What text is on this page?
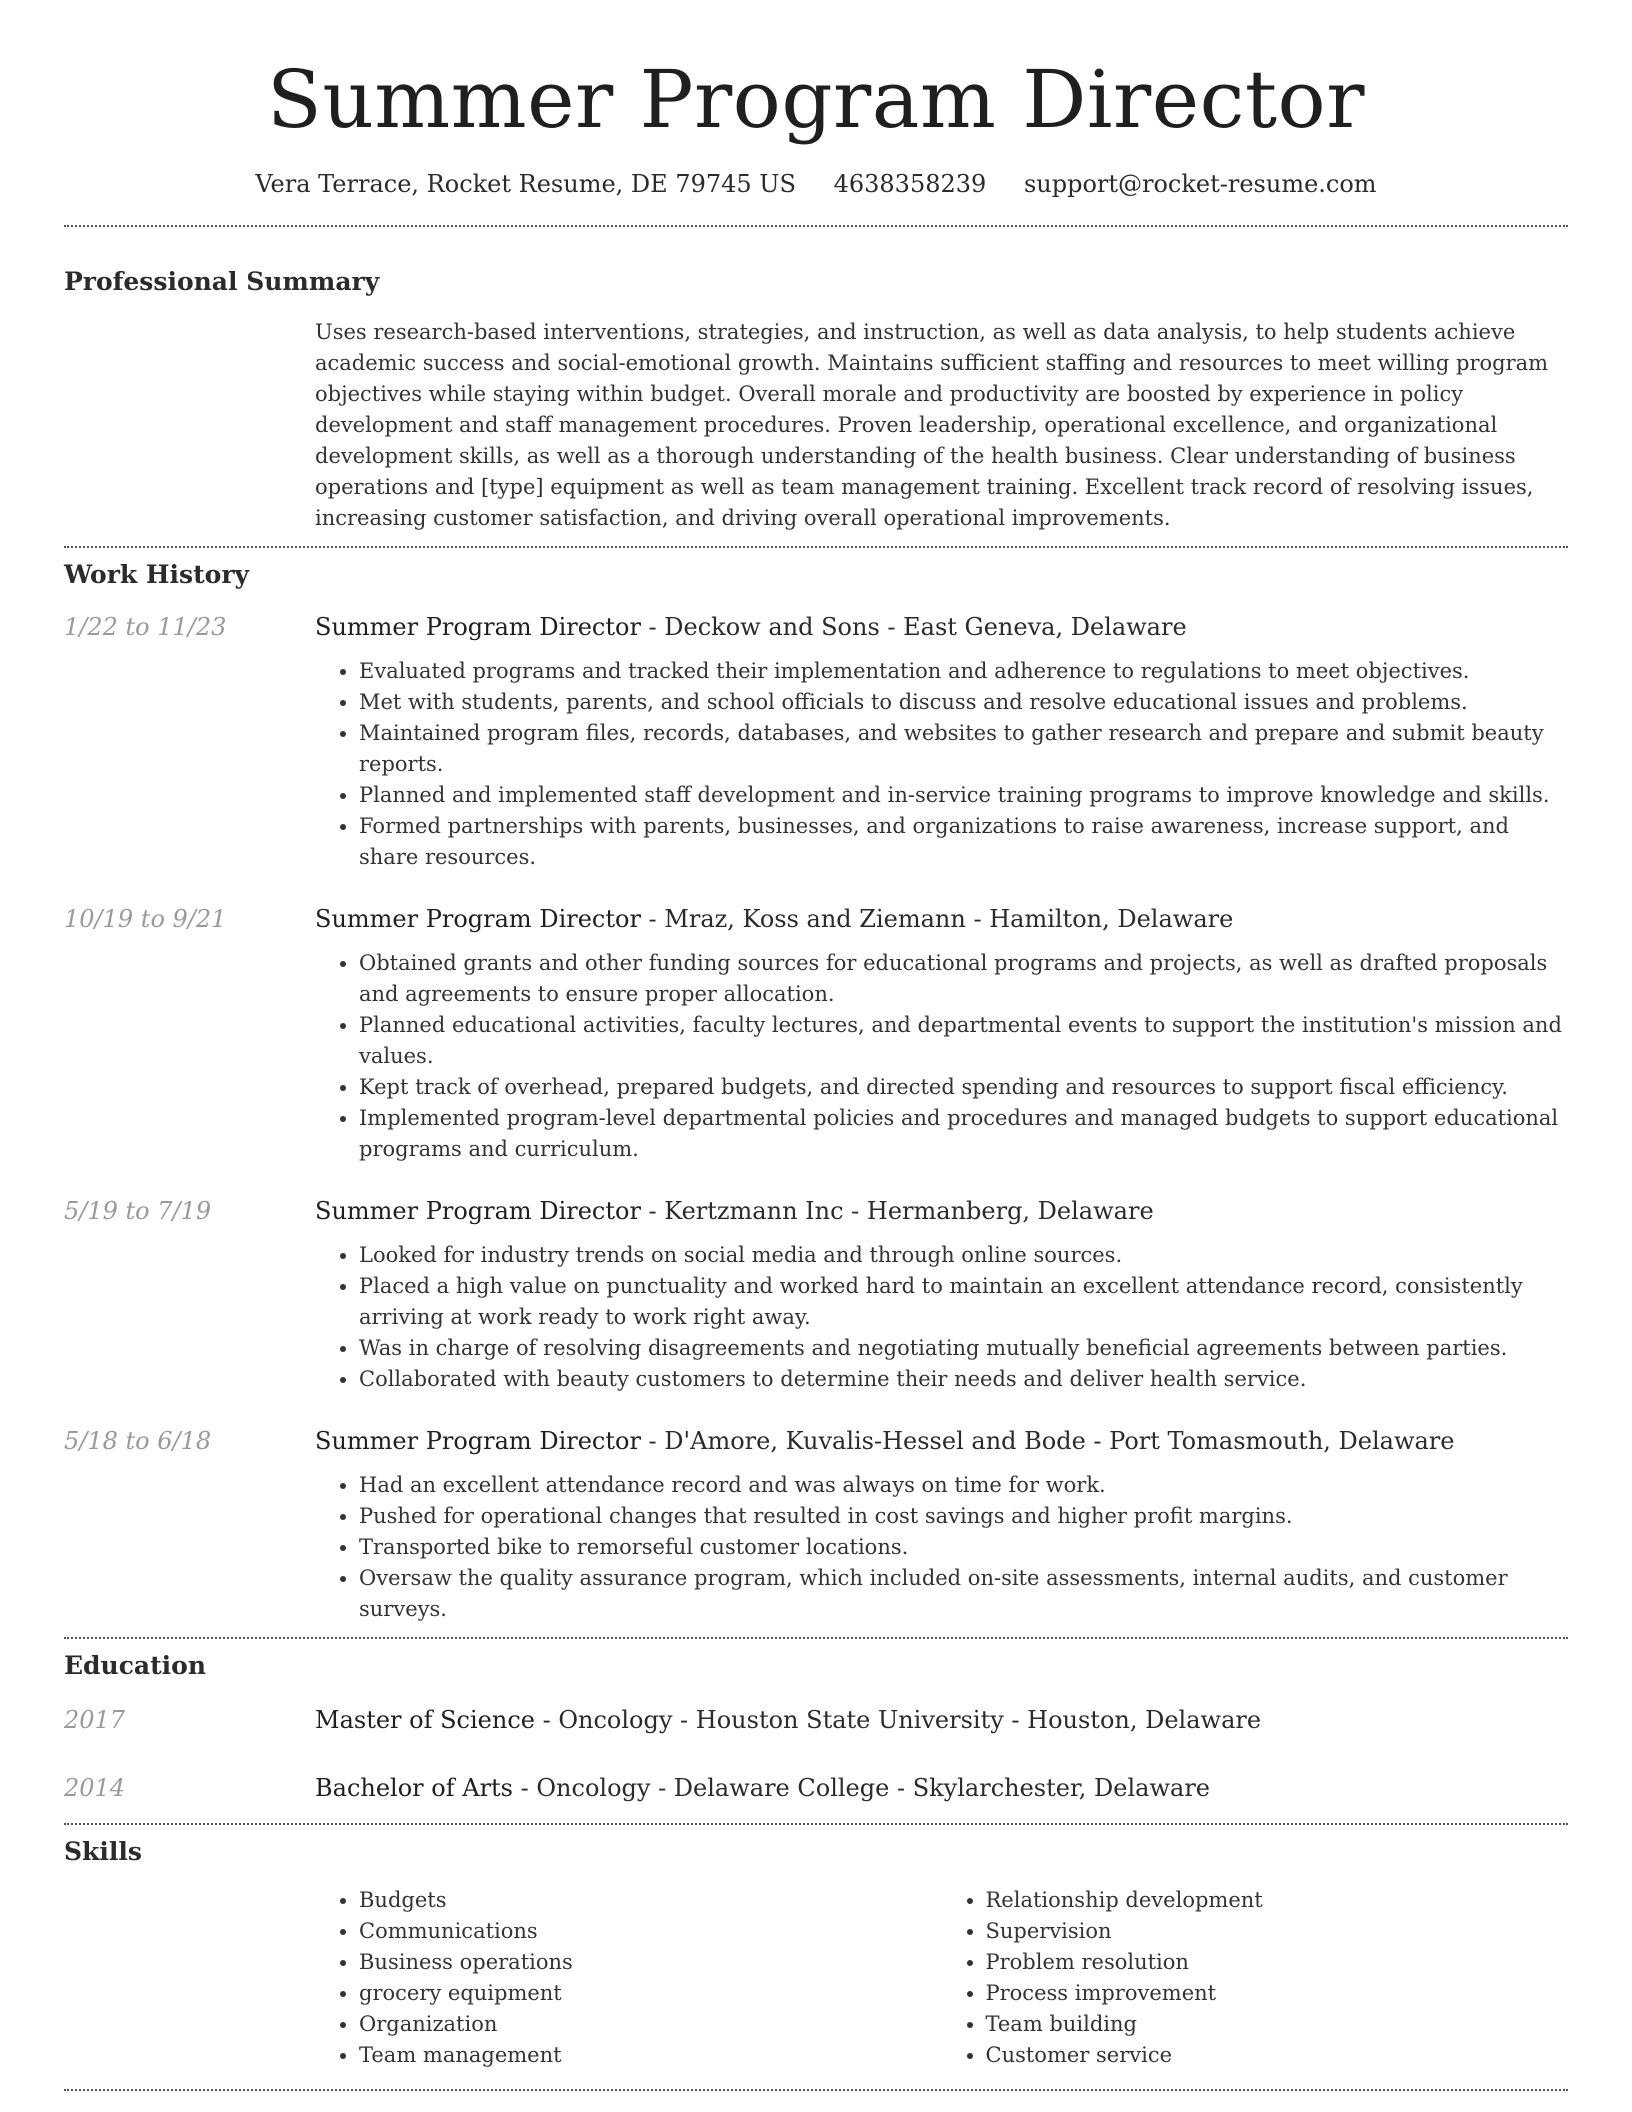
Summer Program Director
Vera Terrace, Rocket Resume, DE 79745 US 4638358239 support@rocket-resume.com
Professional Summary
Uses research-based interventions, strategies, and instruction, as well as data analysis, to help students achieve academic success and social-emotional growth. Maintains sufficient staffing and resources to meet willing program objectives while staying within budget. Overall morale and productivity are boosted by experience in policy development and staff management procedures. Proven leadership, operational excellence, and organizational development skills, as well as a thorough understanding of the health business. Clear understanding of business operations and [type] equipment as well as team management training. Excellent track record of resolving issues, increasing customer satisfaction, and driving overall operational improvements.
Work History
1/22 to 11/23	Summer Program Director - Deckow and Sons - East Geneva, Delaware
• Evaluated programs and tracked their implementation and adherence to regulations to meet objectives.
• Met with students, parents, and school officials to discuss and resolve educational issues and problems.
• Maintained program files, records, databases, and websites to gather research and prepare and submit beauty reports.
• Planned and implemented staff development and in-service training programs to improve knowledge and skills.
• Formed partnerships with parents, businesses, and organizations to raise awareness, increase support, and share resources.
10/19 to 9/21	Summer Program Director - Mraz, Koss and Ziemann - Hamilton, Delaware
• Obtained grants and other funding sources for educational programs and projects, as well as drafted proposals and agreements to ensure proper allocation.
• Planned educational activities, faculty lectures, and departmental events to support the institution's mission and values.
• Kept track of overhead, prepared budgets, and directed spending and resources to support fiscal efficiency.
• Implemented program-level departmental policies and procedures and managed budgets to support educational programs and curriculum.
5/19 to 7/19	Summer Program Director - Kertzmann Inc - Hermanberg, Delaware
• Looked for industry trends on social media and through online sources.
• Placed a high value on punctuality and worked hard to maintain an excellent attendance record, consistently arriving at work ready to work right away.
• Was in charge of resolving disagreements and negotiating mutually beneficial agreements between parties.
• Collaborated with beauty customers to determine their needs and deliver health service.
5/18 to 6/18	Summer Program Director - D'Amore, Kuvalis-Hessel and Bode - Port Tomasmouth, Delaware
• Had an excellent attendance record and was always on time for work.
• Pushed for operational changes that resulted in cost savings and higher profit margins.
• Transported bike to remorseful customer locations.
• Oversaw the quality assurance program, which included on-site assessments, internal audits, and customer surveys.
Education
2017	Master of Science - Oncology - Houston State University - Houston, Delaware
2014	Bachelor of Arts - Oncology - Delaware College - Skylarchester, Delaware
Skills
• Budgets
• Communications
• Business operations
• grocery equipment
• Organization
• Team management
• Relationship development
• Supervision
• Problem resolution
• Process improvement
• Team building
• Customer service
